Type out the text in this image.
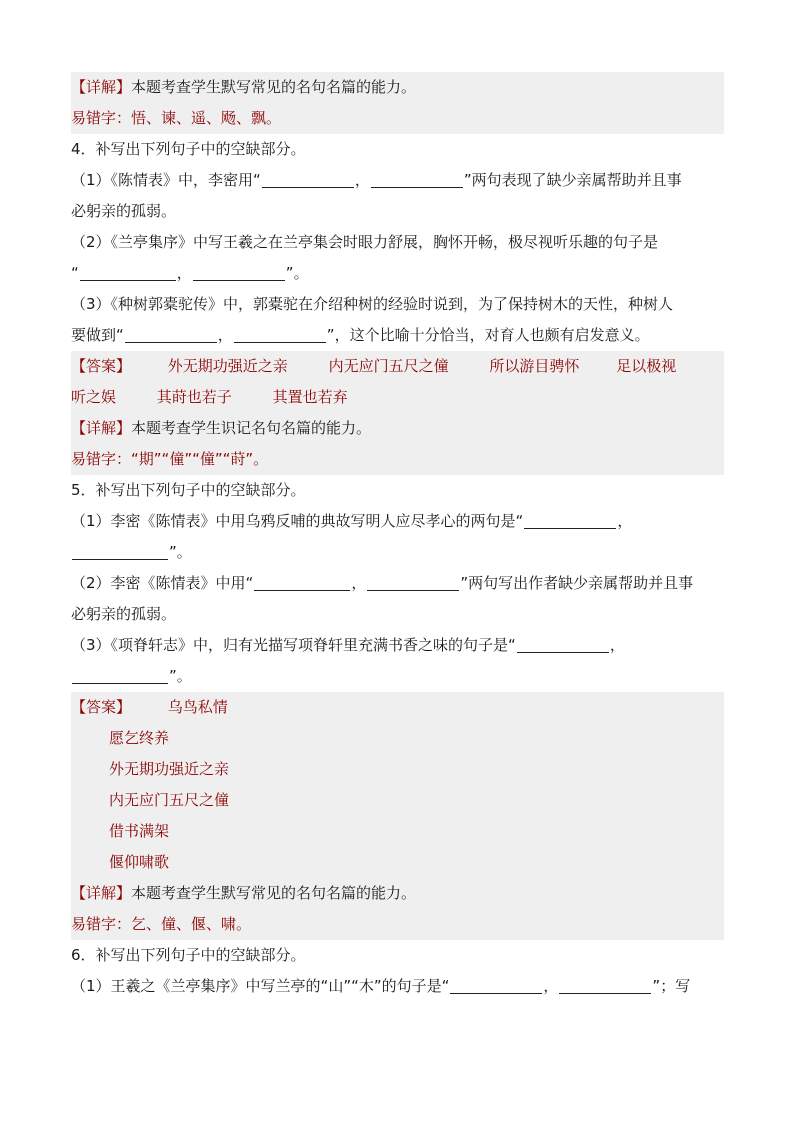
【详解】本题考查学生默写常见的名句名篇的能力。
易错字：悟、谏、遥、飏、飘。
4．补写出下列句子中的空缺部分。
（1）《陈情表》中，李密用“	，	”两句表现了缺少亲属帮助并且事
必躬亲的孤弱。
（2）《兰亭集序》中写王羲之在兰亭集会时眼力舒展，胸怀开畅，极尽视听乐趣的句子是
“	，	”。
（3）《种树郭橐驼传》中，郭橐驼在介绍种树的经验时说到，为了保持树木的天性，种树人
要做到“	，	”，这个比喻十分恰当，对育人也颇有启发意义。
【答案】 外无期功强近之亲	内无应门五尺之僮	所以游目骋怀 足以极视
听之娱	其莳也若子	其置也若弃
【详解】本题考查学生识记名句名篇的能力。
易错字：“期”“僮”“僮”“莳”。
5．补写出下列句子中的空缺部分。
（1）李密《陈情表》中用乌鸦反哺的典故写明人应尽孝心的两句是“	，
”。
（2）李密《陈情表》中用“	，	”两句写出作者缺少亲属帮助并且事
必躬亲的孤弱。
（3）《项脊轩志》中，归有光描写项脊轩里充满书香之味的句子是“	，
”。
【答案】 乌鸟私情
愿乞终养
外无期功强近之亲
内无应门五尺之僮
借书满架
偃仰啸歌
【详解】本题考查学生默写常见的名句名篇的能力。
易错字：乞、僮、偃、啸。
6．补写出下列句子中的空缺部分。
（1）王羲之《兰亭集序》中写兰亭的“山”“木”的句子是“	，	”；写
